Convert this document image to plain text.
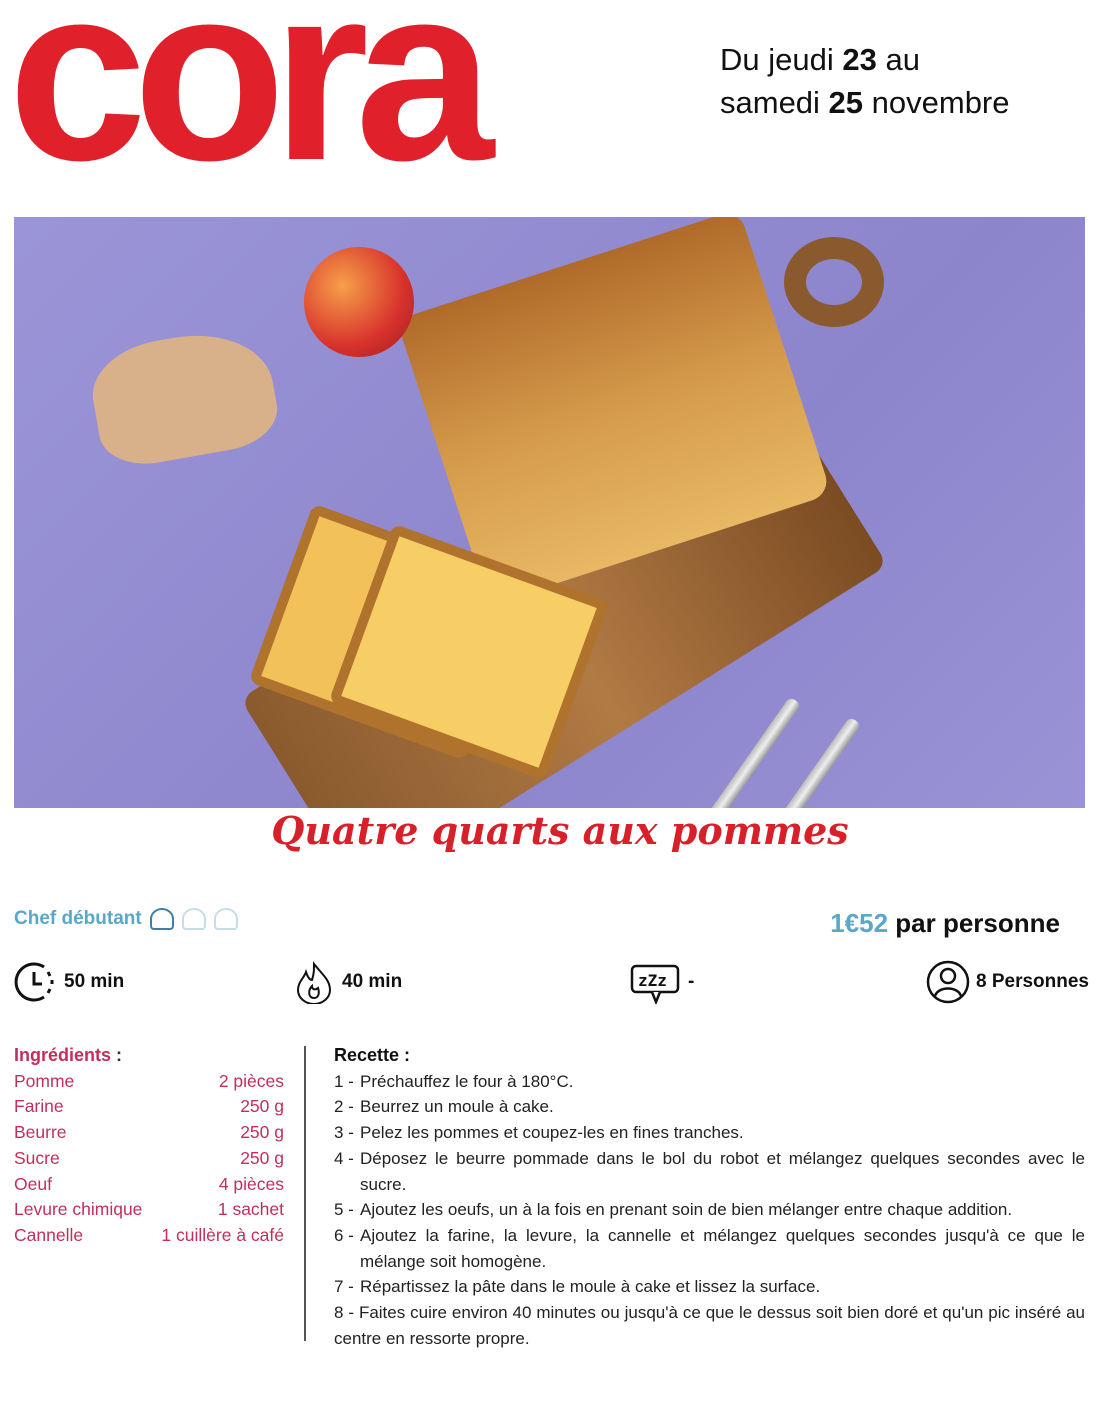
cora	Du jeudi 23 au
samedi 25 novembre
Quatre quarts aux pommes
Chef débutant	1€52 par personne
50 min	40 min	zZz -	8 Personnes
Ingrédients :
Pomme	2 pièces
Farine	250 g
Beurre	250 g
Sucre	250 g
Oeuf	4 pièces
Levure chimique	1 sachet
Cannelle	1 cuillère à café
Recette :
1 - Préchauffez le four à 180°C.
2 - Beurrez un moule à cake.
3 - Pelez les pommes et coupez-les en fines tranches.
4 - Déposez le beurre pommade dans le bol du robot et mélangez quelques secondes avec le sucre.
5 - Ajoutez les oeufs, un à la fois en prenant soin de bien mélanger entre chaque addition.
6 - Ajoutez la farine, la levure, la cannelle et mélangez quelques secondes jusqu'à ce que le mélange soit homogène.
7 - Répartissez la pâte dans le moule à cake et lissez la surface.
8 - Faites cuire environ 40 minutes ou jusqu'à ce que le dessus soit bien doré et qu'un pic inséré au centre en ressorte propre.
